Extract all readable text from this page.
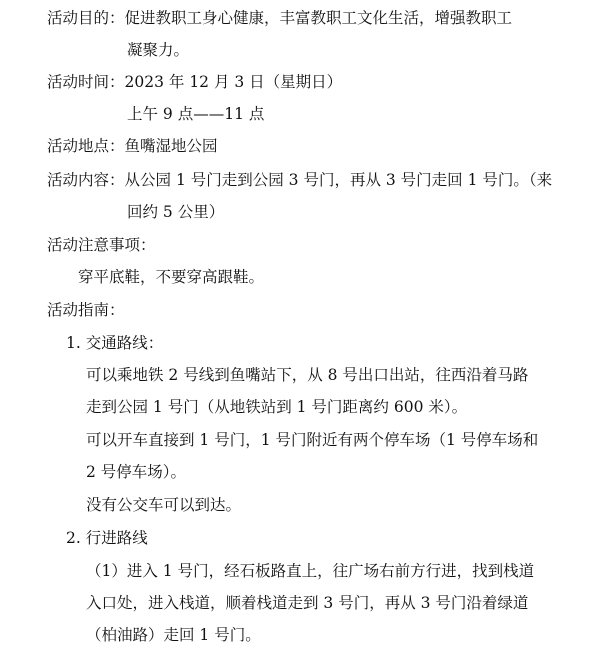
活动目的：促进教职工身心健康，丰富教职工文化生活，增强教职工
凝聚力。
活动时间：2023 年 12 月 3 日（星期日）
上午 9 点——11 点
活动地点：鱼嘴湿地公园
活动内容：从公园 1 号门走到公园 3 号门，再从 3 号门走回 1 号门。（来
回约 5 公里）
活动注意事项：
穿平底鞋，不要穿高跟鞋。
活动指南：
1. 交通路线：
可以乘地铁 2 号线到鱼嘴站下，从 8 号出口出站，往西沿着马路
走到公园 1 号门（从地铁站到 1 号门距离约 600 米）。
可以开车直接到 1 号门，1 号门附近有两个停车场（1 号停车场和
2 号停车场）。
没有公交车可以到达。
2. 行进路线
（1）进入 1 号门，经石板路直上，往广场右前方行进，找到栈道
入口处，进入栈道，顺着栈道走到 3 号门，再从 3 号门沿着绿道
（柏油路）走回 1 号门。
